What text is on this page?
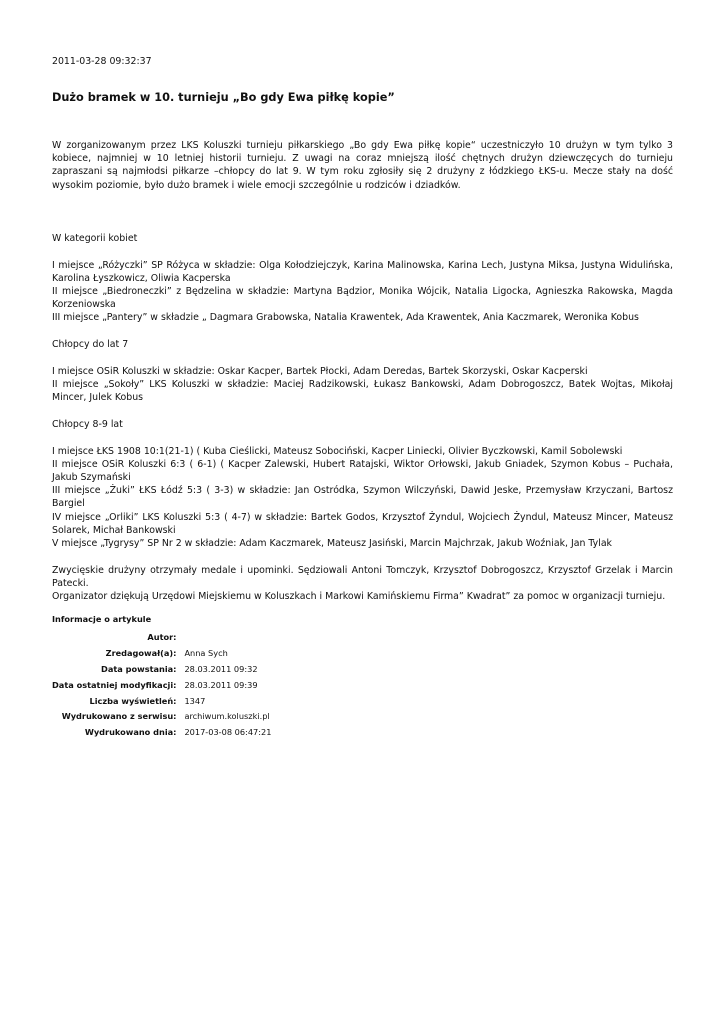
2011-03-28 09:32:37
Dużo bramek w 10. turnieju „Bo gdy Ewa piłkę kopie”

W zorganizowanym przez LKS Koluszki turnieju piłkarskiego „Bo gdy Ewa piłkę kopie“ uczestniczyło 10 drużyn w tym tylko 3 kobiece, najmniej w 10 letniej historii turnieju. Z uwagi na coraz mniejszą ilość chętnych drużyn dziewczęcych do turnieju zapraszani są najmłodsi piłkarze –chłopcy do lat 9. W tym roku zgłosiły się 2 drużyny z łódzkiego ŁKS-u. Mecze stały na dość wysokim poziomie, było dużo bramek i wiele emocji szczególnie u rodziców i dziadków.

W kategorii kobiet

I miejsce „Różyczki” SP Różyca w składzie: Olga Kołodziejczyk, Karina Malinowska, Karina Lech, Justyna Miksa, Justyna Widulińska, Karolina Łyszkowicz, Oliwia Kacperska

II miejsce „Biedroneczki” z Będzelina w składzie: Martyna Bądzior, Monika Wójcik, Natalia Ligocka, Agnieszka Rakowska, Magda Korzeniowska

III miejsce „Pantery” w składzie „ Dagmara Grabowska, Natalia Krawentek, Ada Krawentek, Ania Kaczmarek, Weronika Kobus

Chłopcy do lat 7

I miejsce OSiR Koluszki w składzie: Oskar Kacper, Bartek Płocki, Adam Deredas, Bartek Skorzyski, Oskar Kacperski

II miejsce „Sokoły” LKS Koluszki w składzie: Maciej Radzikowski, Łukasz Bankowski, Adam Dobrogoszcz, Batek Wojtas, Mikołaj Mincer, Julek Kobus

Chłopcy 8-9 lat

I miejsce ŁKS 1908 10:1(21-1) ( Kuba Cieślicki, Mateusz Sobociński, Kacper Liniecki, Olivier Byczkowski, Kamil Sobolewski

II miejsce OSiR Koluszki 6:3 ( 6-1) ( Kacper Zalewski, Hubert Ratajski, Wiktor Orłowski, Jakub Gniadek, Szymon Kobus – Puchała, Jakub Szymański

III miejsce „Żuki” ŁKS Łódź 5:3 ( 3-3) w składzie: Jan Ostródka, Szymon Wilczyński, Dawid Jeske, Przemysław Krzyczani, Bartosz Bargiel

IV miejsce „Orliki” LKS Koluszki 5:3 ( 4-7) w składzie: Bartek Godos, Krzysztof Żyndul, Wojciech Żyndul, Mateusz Mincer, Mateusz Solarek, Michał Bankowski

V miejsce „Tygrysy” SP Nr 2 w składzie: Adam Kaczmarek, Mateusz Jasiński, Marcin Majchrzak, Jakub Woźniak, Jan Tylak

Zwycięskie drużyny otrzymały medale i upominki. Sędziowali Antoni Tomczyk, Krzysztof Dobrogoszcz, Krzysztof Grzelak i Marcin Patecki.

Organizator dziękują Urzędowi Miejskiemu w Koluszkach i Markowi Kamińskiemu Firma” Kwadrat” za pomoc w organizacji turnieju.

Informacje o artykule
Autor:	
Zredagował(a):	Anna Sych
Data powstania:	28.03.2011 09:32
Data ostatniej modyfikacji:	28.03.2011 09:39
Liczba wyświetleń:	1347
Wydrukowano z serwisu:	archiwum.koluszki.pl
Wydrukowano dnia:	2017-03-08 06:47:21
